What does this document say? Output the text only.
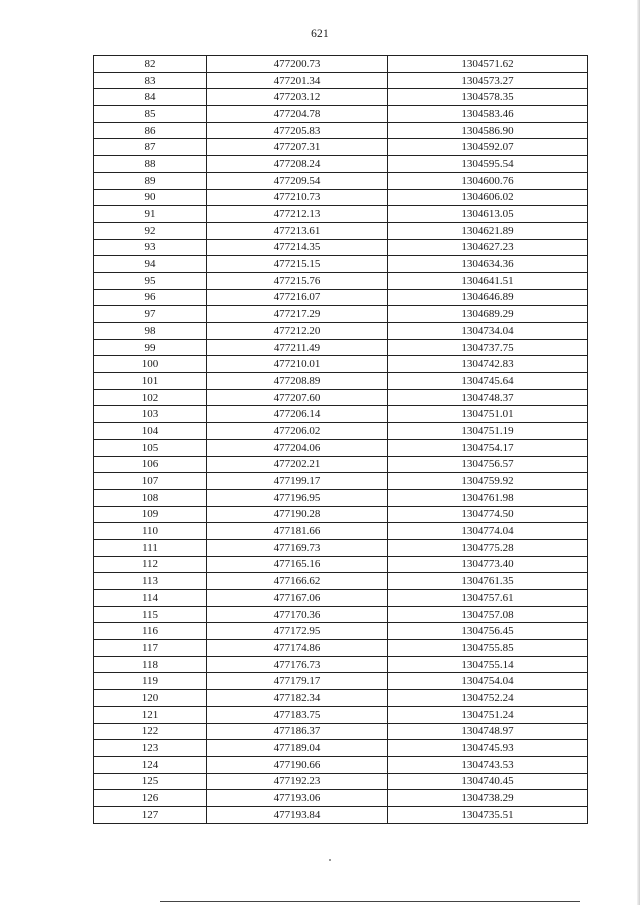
621
82	477200.73	1304571.62
83	477201.34	1304573.27
84	477203.12	1304578.35
85	477204.78	1304583.46
86	477205.83	1304586.90
87	477207.31	1304592.07
88	477208.24	1304595.54
89	477209.54	1304600.76
90	477210.73	1304606.02
91	477212.13	1304613.05
92	477213.61	1304621.89
93	477214.35	1304627.23
94	477215.15	1304634.36
95	477215.76	1304641.51
96	477216.07	1304646.89
97	477217.29	1304689.29
98	477212.20	1304734.04
99	477211.49	1304737.75
100	477210.01	1304742.83
101	477208.89	1304745.64
102	477207.60	1304748.37
103	477206.14	1304751.01
104	477206.02	1304751.19
105	477204.06	1304754.17
106	477202.21	1304756.57
107	477199.17	1304759.92
108	477196.95	1304761.98
109	477190.28	1304774.50
110	477181.66	1304774.04
111	477169.73	1304775.28
112	477165.16	1304773.40
113	477166.62	1304761.35
114	477167.06	1304757.61
115	477170.36	1304757.08
116	477172.95	1304756.45
117	477174.86	1304755.85
118	477176.73	1304755.14
119	477179.17	1304754.04
120	477182.34	1304752.24
121	477183.75	1304751.24
122	477186.37	1304748.97
123	477189.04	1304745.93
124	477190.66	1304743.53
125	477192.23	1304740.45
126	477193.06	1304738.29
127	477193.84	1304735.51
